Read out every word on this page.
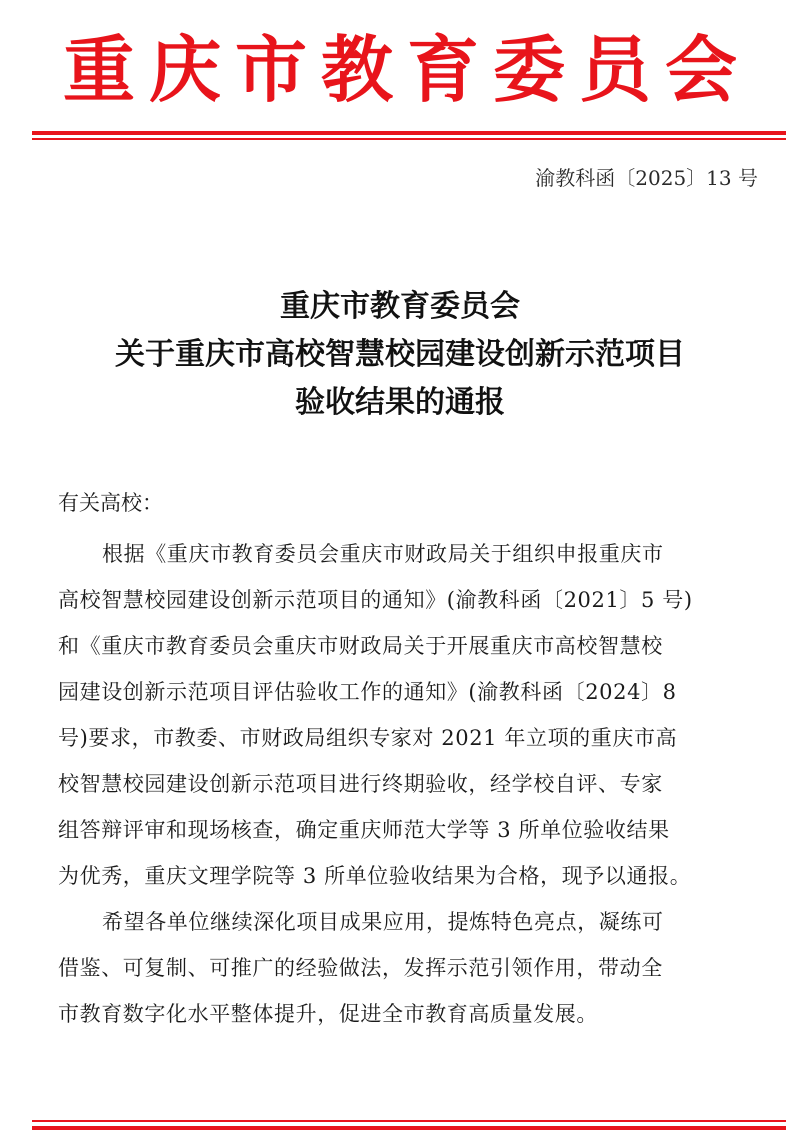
重庆市教育委员会
渝教科函〔2025〕13 号
重庆市教育委员会
关于重庆市高校智慧校园建设创新示范项目
验收结果的通报
有关高校：
根据《重庆市教育委员会重庆市财政局关于组织申报重庆市
高校智慧校园建设创新示范项目的通知》(渝教科函〔2021〕5 号)
和《重庆市教育委员会重庆市财政局关于开展重庆市高校智慧校
园建设创新示范项目评估验收工作的通知》(渝教科函〔2024〕8
号)要求，市教委、市财政局组织专家对 2021 年立项的重庆市高
校智慧校园建设创新示范项目进行终期验收，经学校自评、专家
组答辩评审和现场核查，确定重庆师范大学等 3 所单位验收结果
为优秀，重庆文理学院等 3 所单位验收结果为合格，现予以通报。
希望各单位继续深化项目成果应用，提炼特色亮点，凝练可
借鉴、可复制、可推广的经验做法，发挥示范引领作用，带动全
市教育数字化水平整体提升，促进全市教育高质量发展。
